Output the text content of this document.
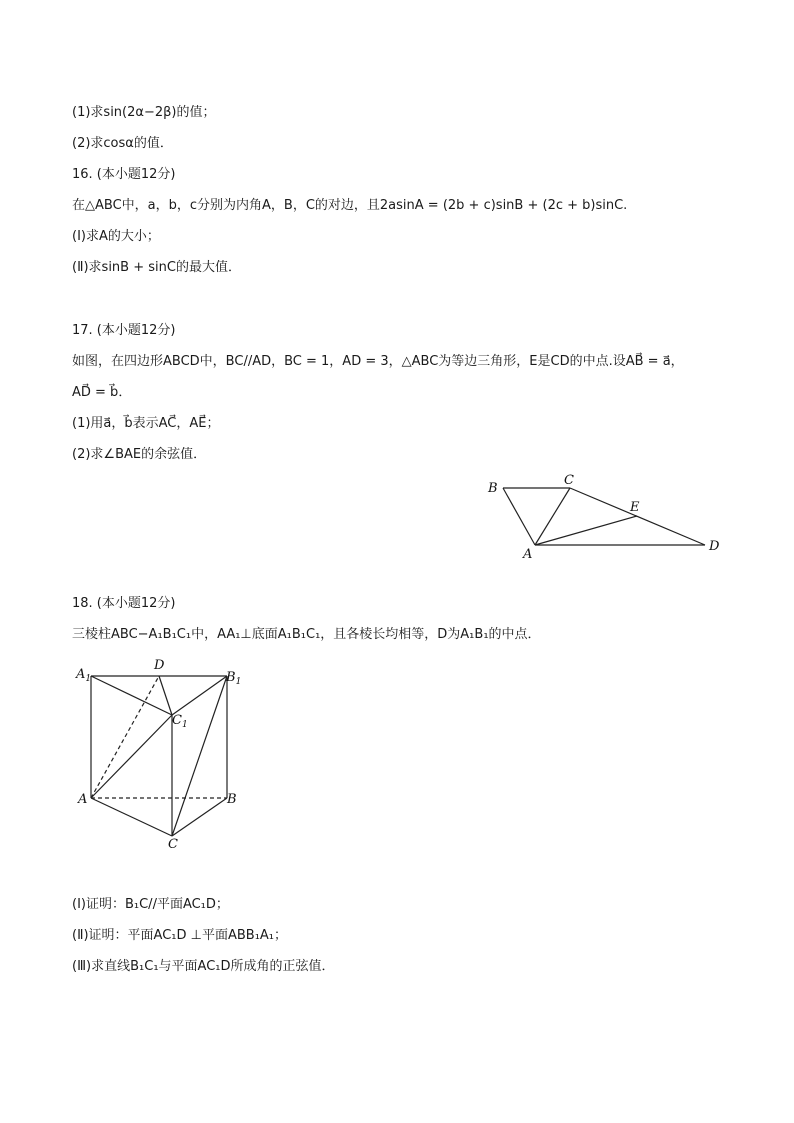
(1)求sin(2α−2β)的值；
(2)求cosα的值．
16. (本小题12分)
在△ABC中，a，b，c分别为内角A，B，C的对边，且2asinA = (2b + c)sinB + (2c + b)sinC.
(Ⅰ)求A的大小；
(Ⅱ)求sinB + sinC的最大值．
17. (本小题12分)
如图，在四边形ABCD中，BC//AD，BC = 1，AD = 3，△ABC为等边三角形，E是CD的中点.设AB⃗ = a⃗，
AD⃗ = b⃗．
(1)用a⃗，b⃗表示AC⃗，AE⃗；
(2)求∠BAE的余弦值．
B
C
E
A
D
18. (本小题12分)
三棱柱ABC−A₁B₁C₁中，AA₁⊥底面A₁B₁C₁，且各棱长均相等，D为A₁B₁的中点．
$A_1$
D
$B_1$
$C_1$
A	B
C
(Ⅰ)证明：B₁C//平面AC₁D；
(Ⅱ)证明：平面AC₁D ⊥平面ABB₁A₁；
(Ⅲ)求直线B₁C₁与平面AC₁D所成角的正弦值．
